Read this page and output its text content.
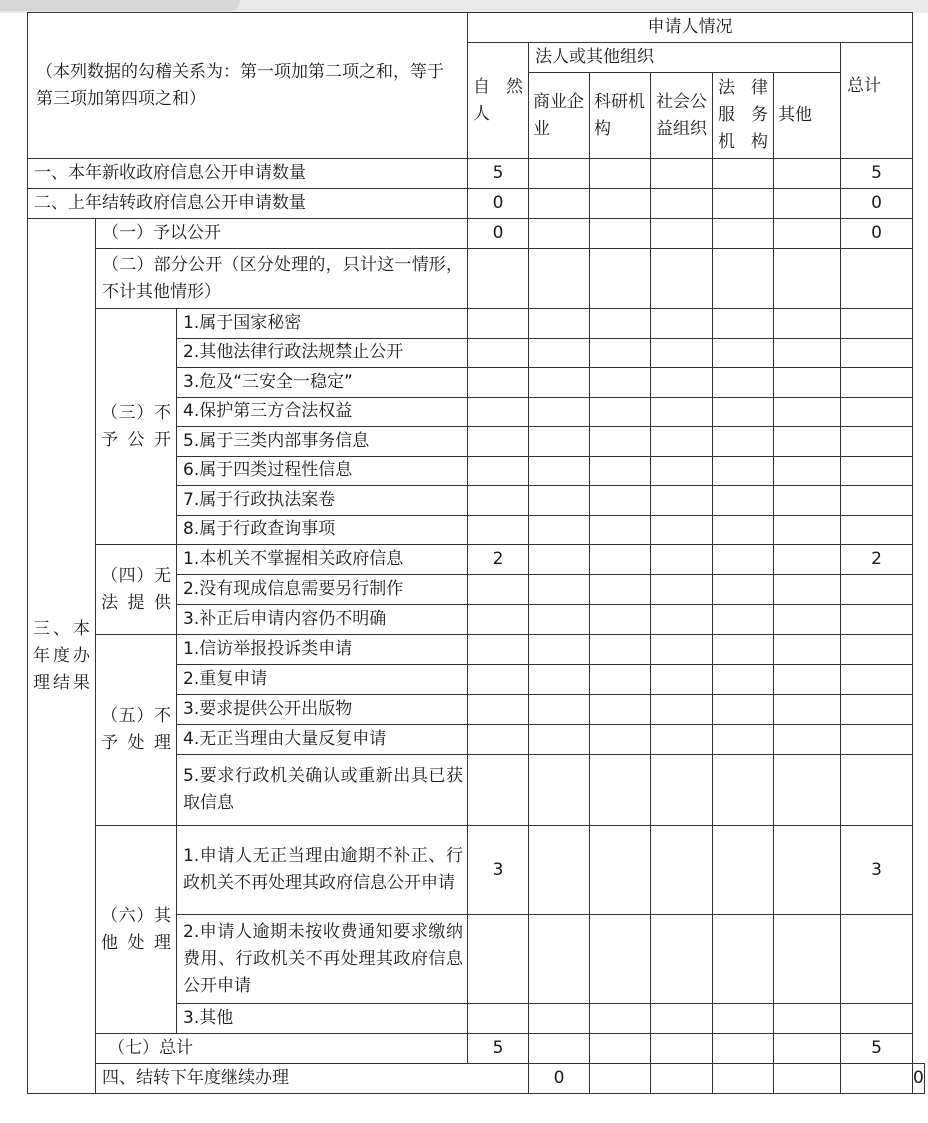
（本列数据的勾稽关系为：第一项加第二项之和，等于第三项加第四项之和）			申请人情况							
			自然人	法人或其他组织					总计	
				商业企业	科研机构	社会公益组织	法律服务机构	其他		
一、本年新收政府信息公开申请数量			5						5	
二、上年结转政府信息公开申请数量			0						0	
三、本年度办理结果	（一）予以公开		0						0	
	（二）部分公开（区分处理的，只计这一情形，不计其他情形）									
	（三）不予公开	1.属于国家秘密								
		2.其他法律行政法规禁止公开								
		3.危及“三安全一稳定”								
		4.保护第三方合法权益								
		5.属于三类内部事务信息								
		6.属于四类过程性信息								
		7.属于行政执法案卷								
		8.属于行政查询事项								
	（四）无法提供	1.本机关不掌握相关政府信息	2						2	
		2.没有现成信息需要另行制作								
		3.补正后申请内容仍不明确								
	（五）不予处理	1.信访举报投诉类申请								
		2.重复申请								
		3.要求提供公开出版物								
		4.无正当理由大量反复申请								
		5.要求行政机关确认或重新出具已获取信息								
	（六）其他处理	1.申请人无正当理由逾期不补正、行政机关不再处理其政府信息公开申请	3						3	
		2.申请人逾期未按收费通知要求缴纳费用、行政机关不再处理其政府信息公开申请								
		3.其他								
	（七）总计		5						5	
	四、结转下年度继续办理			0						0
